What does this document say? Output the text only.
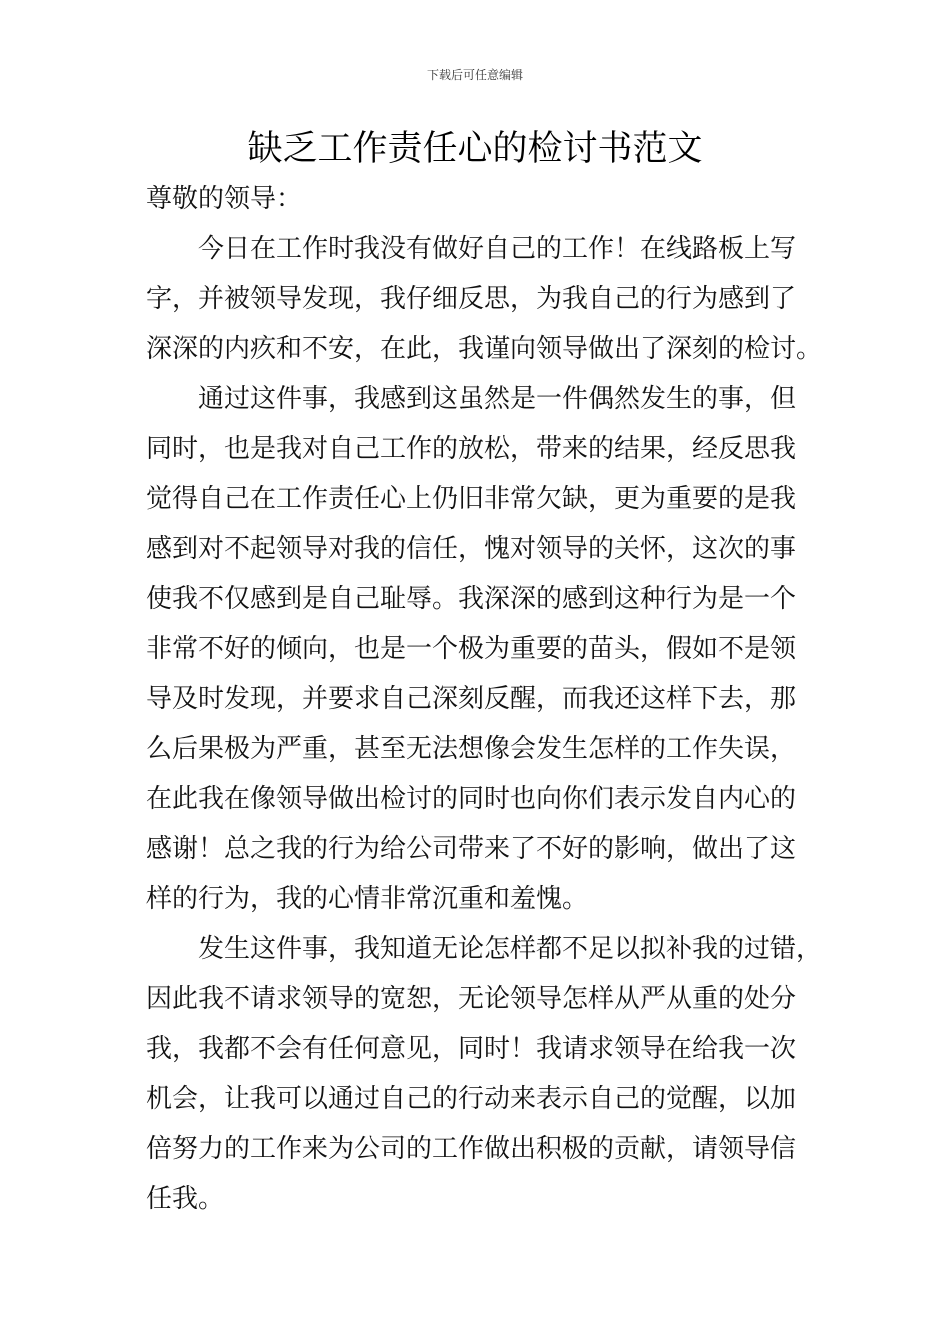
下载后可任意编辑
缺乏工作责任心的检讨书范文

尊敬的领导：

今日在工作时我没有做好自己的工作！在线路板上写
字，并被领导发现，我仔细反思，为我自己的行为感到了
深深的内疚和不安，在此，我谨向领导做出了深刻的检讨。

通过这件事，我感到这虽然是一件偶然发生的事，但
同时，也是我对自己工作的放松，带来的结果，经反思我
觉得自己在工作责任心上仍旧非常欠缺，更为重要的是我
感到对不起领导对我的信任，愧对领导的关怀，这次的事
使我不仅感到是自己耻辱。我深深的感到这种行为是一个
非常不好的倾向，也是一个极为重要的苗头，假如不是领
导及时发现，并要求自己深刻反醒，而我还这样下去，那
么后果极为严重，甚至无法想像会发生怎样的工作失误，
在此我在像领导做出检讨的同时也向你们表示发自内心的
感谢！总之我的行为给公司带来了不好的影响，做出了这
样的行为，我的心情非常沉重和羞愧。

发生这件事，我知道无论怎样都不足以拟补我的过错，
因此我不请求领导的宽恕，无论领导怎样从严从重的处分
我，我都不会有任何意见，同时！我请求领导在给我一次
机会，让我可以通过自己的行动来表示自己的觉醒，以加
倍努力的工作来为公司的工作做出积极的贡献，请领导信
任我。
